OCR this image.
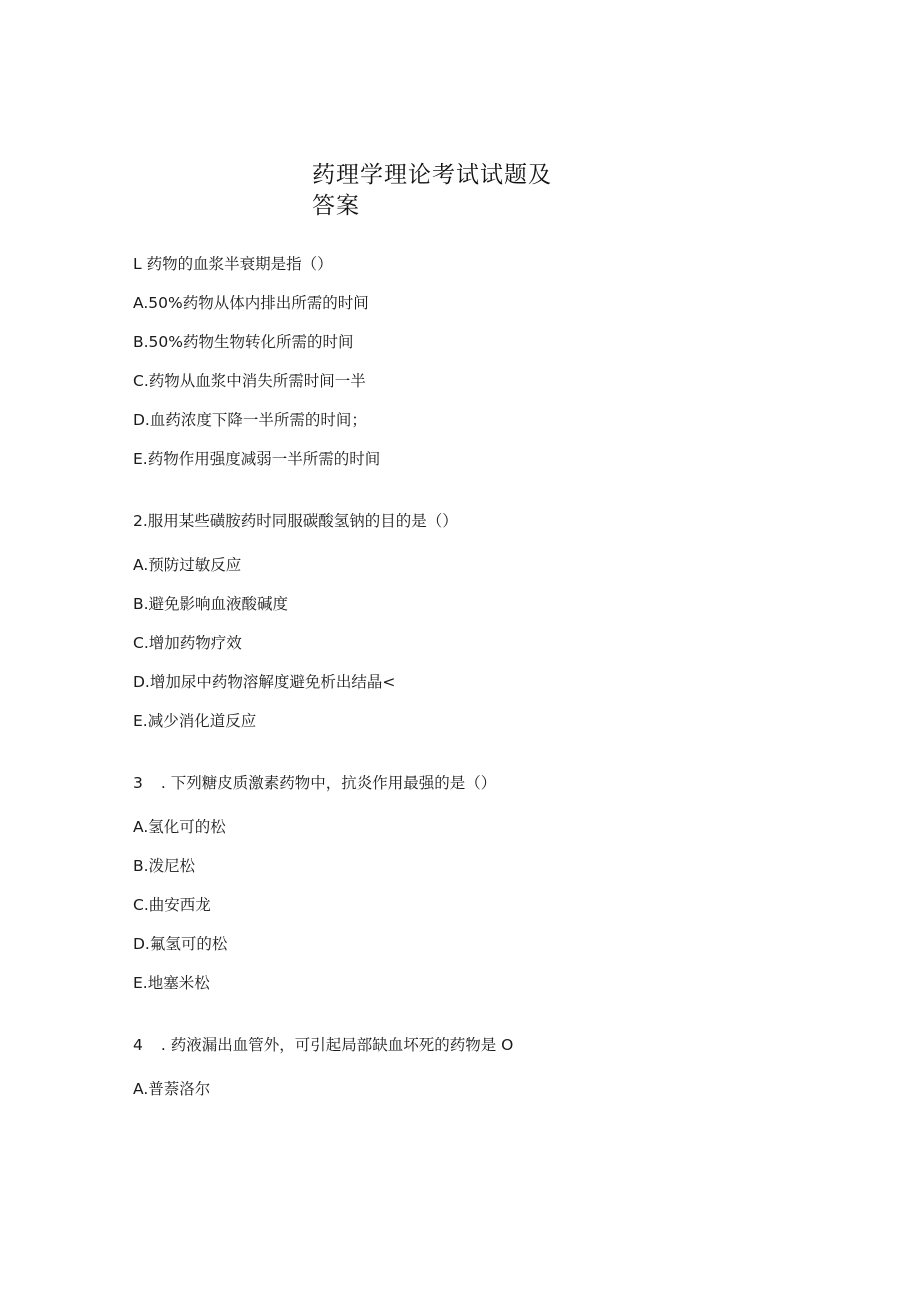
药理学理论考试试题及
答案
L 药物的血浆半衰期是指（）
A.50%药物从体内排出所需的时间
B.50%药物生物转化所需的时间
C.药物从血浆中消失所需时间一半
D.血药浓度下降一半所需的时间；
E.药物作用强度减弱一半所需的时间
2.服用某些磺胺药时同服碳酸氢钠的目的是（）
A.预防过敏反应
B.避免影响血液酸碱度
C.增加药物疗效
D.增加尿中药物溶解度避免析出结晶<
E.减少消化道反应
3 . 下列糖皮质激素药物中，抗炎作用最强的是（）
A.氢化可的松
B.泼尼松
C.曲安西龙
D.氟氢可的松
E.地塞米松
4 . 药液漏出血管外，可引起局部缺血坏死的药物是 O
A.普萘洛尔
